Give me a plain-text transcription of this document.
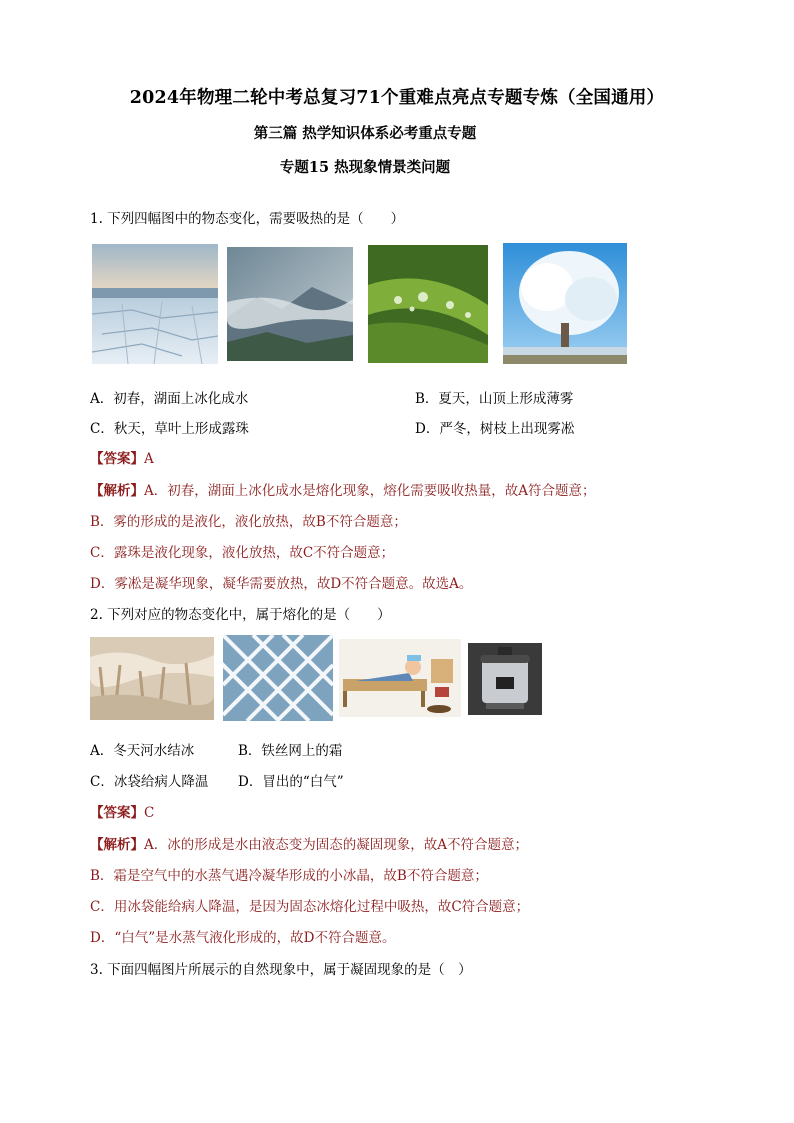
2024年物理二轮中考总复习71个重难点亮点专题专炼（全国通用）
第三篇 热学知识体系必考重点专题
专题15 热现象情景类问题
1. 下列四幅图中的物态变化，需要吸热的是（　　）
A．初春，湖面上冰化成水	B．夏天，山顶上形成薄雾
C．秋天，草叶上形成露珠	D．严冬，树枝上出现雾凇
【答案】A
【解析】A．初春，湖面上冰化成水是熔化现象，熔化需要吸收热量，故A符合题意；
B．雾的形成的是液化，液化放热，故B不符合题意；
C．露珠是液化现象，液化放热，故C不符合题意；
D．雾凇是凝华现象，凝华需要放热，故D不符合题意。故选A。
2. 下列对应的物态变化中，属于熔化的是（　　）
A．冬天河水结冰	B．铁丝网上的霜
C．冰袋给病人降温 D．冒出的“白气”
【答案】C
【解析】A．冰的形成是水由液态变为固态的凝固现象，故A不符合题意；
B．霜是空气中的水蒸气遇冷凝华形成的小冰晶，故B不符合题意；
C．用冰袋能给病人降温，是因为固态冰熔化过程中吸热，故C符合题意；
D．“白气”是水蒸气液化形成的，故D不符合题意。
3. 下面四幅图片所展示的自然现象中，属于凝固现象的是（　）
